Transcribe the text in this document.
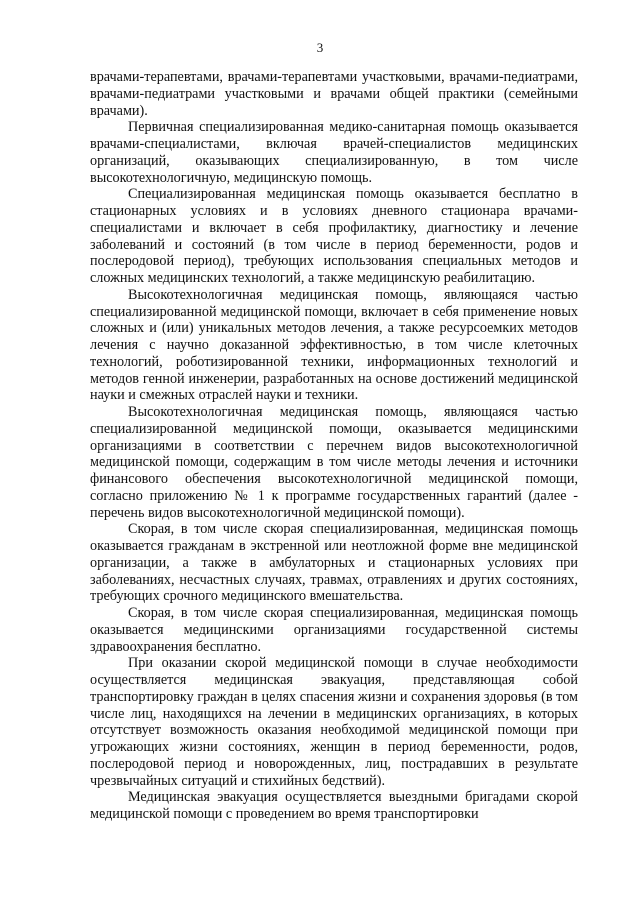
3

врачами-терапевтами, врачами-терапевтами участковыми, врачами-педиатрами, врачами-педиатрами участковыми и врачами общей практики (семейными врачами).

Первичная специализированная медико-санитарная помощь оказывается врачами-специалистами, включая врачей-специалистов медицинских организаций, оказывающих специализированную, в том числе высокотехнологичную, медицинскую помощь.

Специализированная медицинская помощь оказывается бесплатно в стационарных условиях и в условиях дневного стационара врачами-специалистами и включает в себя профилактику, диагностику и лечение заболеваний и состояний (в том числе в период беременности, родов и послеродовой период), требующих использования специальных методов и сложных медицинских технологий, а также медицинскую реабилитацию.

Высокотехнологичная медицинская помощь, являющаяся частью специализированной медицинской помощи, включает в себя применение новых сложных и (или) уникальных методов лечения, а также ресурсоемких методов лечения с научно доказанной эффективностью, в том числе клеточных технологий, роботизированной техники, информационных технологий и методов генной инженерии, разработанных на основе достижений медицинской науки и смежных отраслей науки и техники.

Высокотехнологичная медицинская помощь, являющаяся частью специализированной медицинской помощи, оказывается медицинскими организациями в соответствии с перечнем видов высокотехнологичной медицинской помощи, содержащим в том числе методы лечения и источники финансового обеспечения высокотехнологичной медицинской помощи, согласно приложению № 1 к программе государственных гарантий (далее - перечень видов высокотехнологичной медицинской помощи).

Скорая, в том числе скорая специализированная, медицинская помощь оказывается гражданам в экстренной или неотложной форме вне медицинской организации, а также в амбулаторных и стационарных условиях при заболеваниях, несчастных случаях, травмах, отравлениях и других состояниях, требующих срочного медицинского вмешательства.

Скорая, в том числе скорая специализированная, медицинская помощь оказывается медицинскими организациями государственной системы здравоохранения бесплатно.

При оказании скорой медицинской помощи в случае необходимости осуществляется медицинская эвакуация, представляющая собой транспортировку граждан в целях спасения жизни и сохранения здоровья (в том числе лиц, находящихся на лечении в медицинских организациях, в которых отсутствует возможность оказания необходимой медицинской помощи при угрожающих жизни состояниях, женщин в период беременности, родов, послеродовой период и новорожденных, лиц, пострадавших в результате чрезвычайных ситуаций и стихийных бедствий).

Медицинская эвакуация осуществляется выездными бригадами скорой медицинской помощи с проведением во время транспортировки
